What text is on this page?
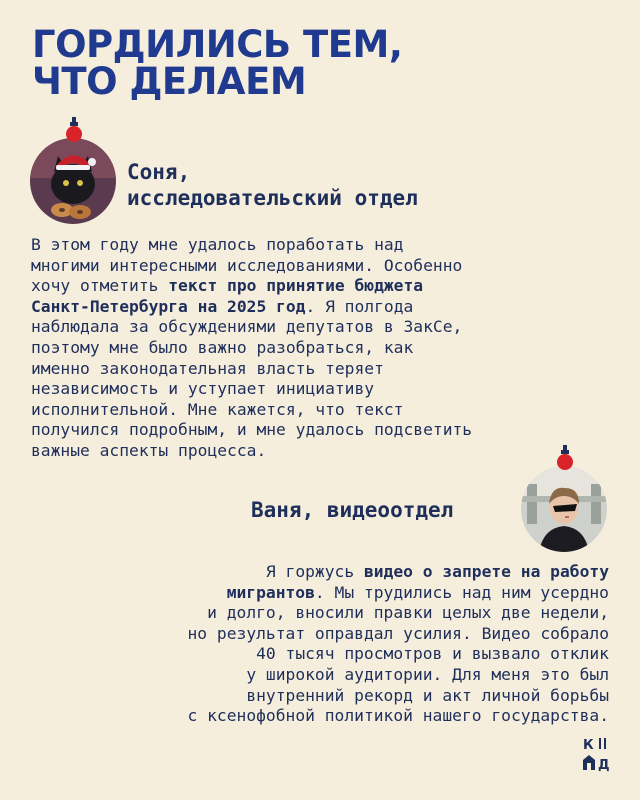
ГОРДИЛИСЬ ТЕМ,
ЧТО ДЕЛАЕМ
Соня,
исследовательский отдел
В этом году мне удалось поработать над
многими интересными исследованиями. Особенно
хочу отметить текст про принятие бюджета
Санкт-Петербурга на 2025 год. Я полгода
наблюдала за обсуждениями депутатов в ЗакСе,
поэтому мне было важно разобраться, как
именно законодательная власть теряет
независимость и уступает инициативу
исполнительной. Мне кажется, что текст
получился подробным, и мне удалось подсветить
важные аспекты процесса.
Ваня, видеоотдел
Я горжусь видео о запрете на работу
мигрантов. Мы трудились над ним усердно
и долго, вносили правки целых две недели,
но результат оправдал усилия. Видео собрало
40 тысяч просмотров и вызвало отклик
у широкой аудитории. Для меня это был
внутренний рекорд и акт личной борьбы
с ксенофобной политикой нашего государства.
К
Д
